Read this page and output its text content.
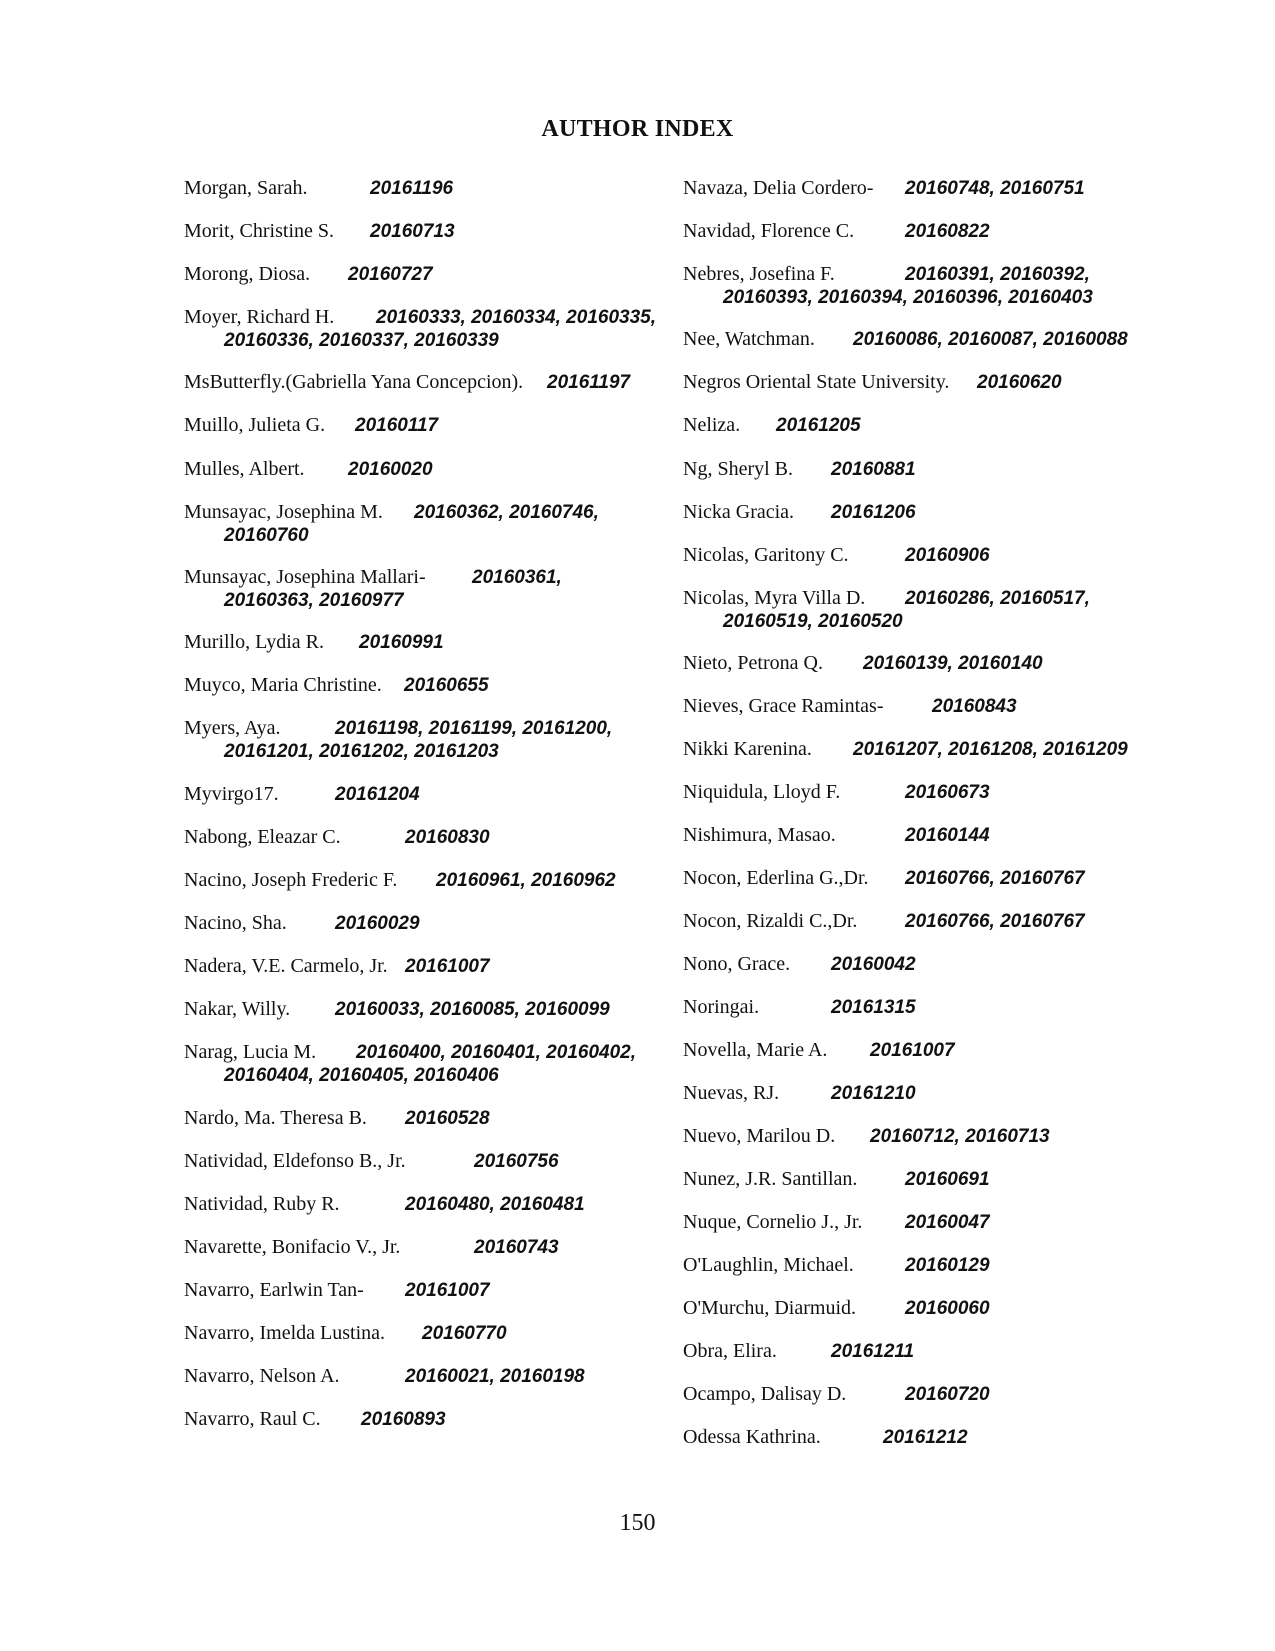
AUTHOR INDEX
Morgan, Sarah.	20161196
Morit, Christine S. 20160713
Morong, Diosa. 20160727
Moyer, Richard H. 20160333, 20160334, 20160335,
20160336, 20160337, 20160339
MsButterfly.(Gabriella Yana Concepcion). 20161197
Muillo, Julieta G. 20160117
Mulles, Albert. 20160020
Munsayac, Josephina M. 20160362, 20160746,
20160760
Munsayac, Josephina Mallari- 20160361,
20160363, 20160977
Murillo, Lydia R. 20160991
Muyco, Maria Christine. 20160655
Myers, Aya.	20161198, 20161199, 20161200,
20161201, 20161202, 20161203
Myvirgo17.	20161204
Nabong, Eleazar C.	20160830
Nacino, Joseph Frederic F. 20160961, 20160962
Nacino, Sha.	20160029
Nadera, V.E. Carmelo, Jr. 20161007
Nakar, Willy. 20160033, 20160085, 20160099
Narag, Lucia M. 20160400, 20160401, 20160402,
20160404, 20160405, 20160406
Nardo, Ma. Theresa B. 20160528
Natividad, Eldefonso B., Jr.	20160756
Natividad, Ruby R.	20160480, 20160481
Navarette, Bonifacio V., Jr.	20160743
Navarro, Earlwin Tan- 20161007
Navarro, Imelda Lustina. 20160770
Navarro, Nelson A.	20160021, 20160198
Navarro, Raul C. 20160893
Navaza, Delia Cordero- 20160748, 20160751
Navidad, Florence C.	20160822
Nebres, Josefina F.	20160391, 20160392,
20160393, 20160394, 20160396, 20160403
Nee, Watchman. 20160086, 20160087, 20160088
Negros Oriental State University. 20160620
Neliza. 20161205
Ng, Sheryl B. 20160881
Nicka Gracia. 20161206
Nicolas, Garitony C.	20160906
Nicolas, Myra Villa D. 20160286, 20160517,
20160519, 20160520
Nieto, Petrona Q. 20160139, 20160140
Nieves, Grace Ramintas-	20160843
Nikki Karenina. 20161207, 20161208, 20161209
Niquidula, Lloyd F.	20160673
Nishimura, Masao.	20160144
Nocon, Ederlina G.,Dr. 20160766, 20160767
Nocon, Rizaldi C.,Dr.	20160766, 20160767
Nono, Grace. 20160042
Noringai.	20161315
Novella, Marie A. 20161007
Nuevas, RJ.	20161210
Nuevo, Marilou D. 20160712, 20160713
Nunez, J.R. Santillan.	20160691
Nuque, Cornelio J., Jr. 20160047
O'Laughlin, Michael.	20160129
O'Murchu, Diarmuid.	20160060
Obra, Elira.	20161211
Ocampo, Dalisay D.	20160720
Odessa Kathrina.	20161212
150
